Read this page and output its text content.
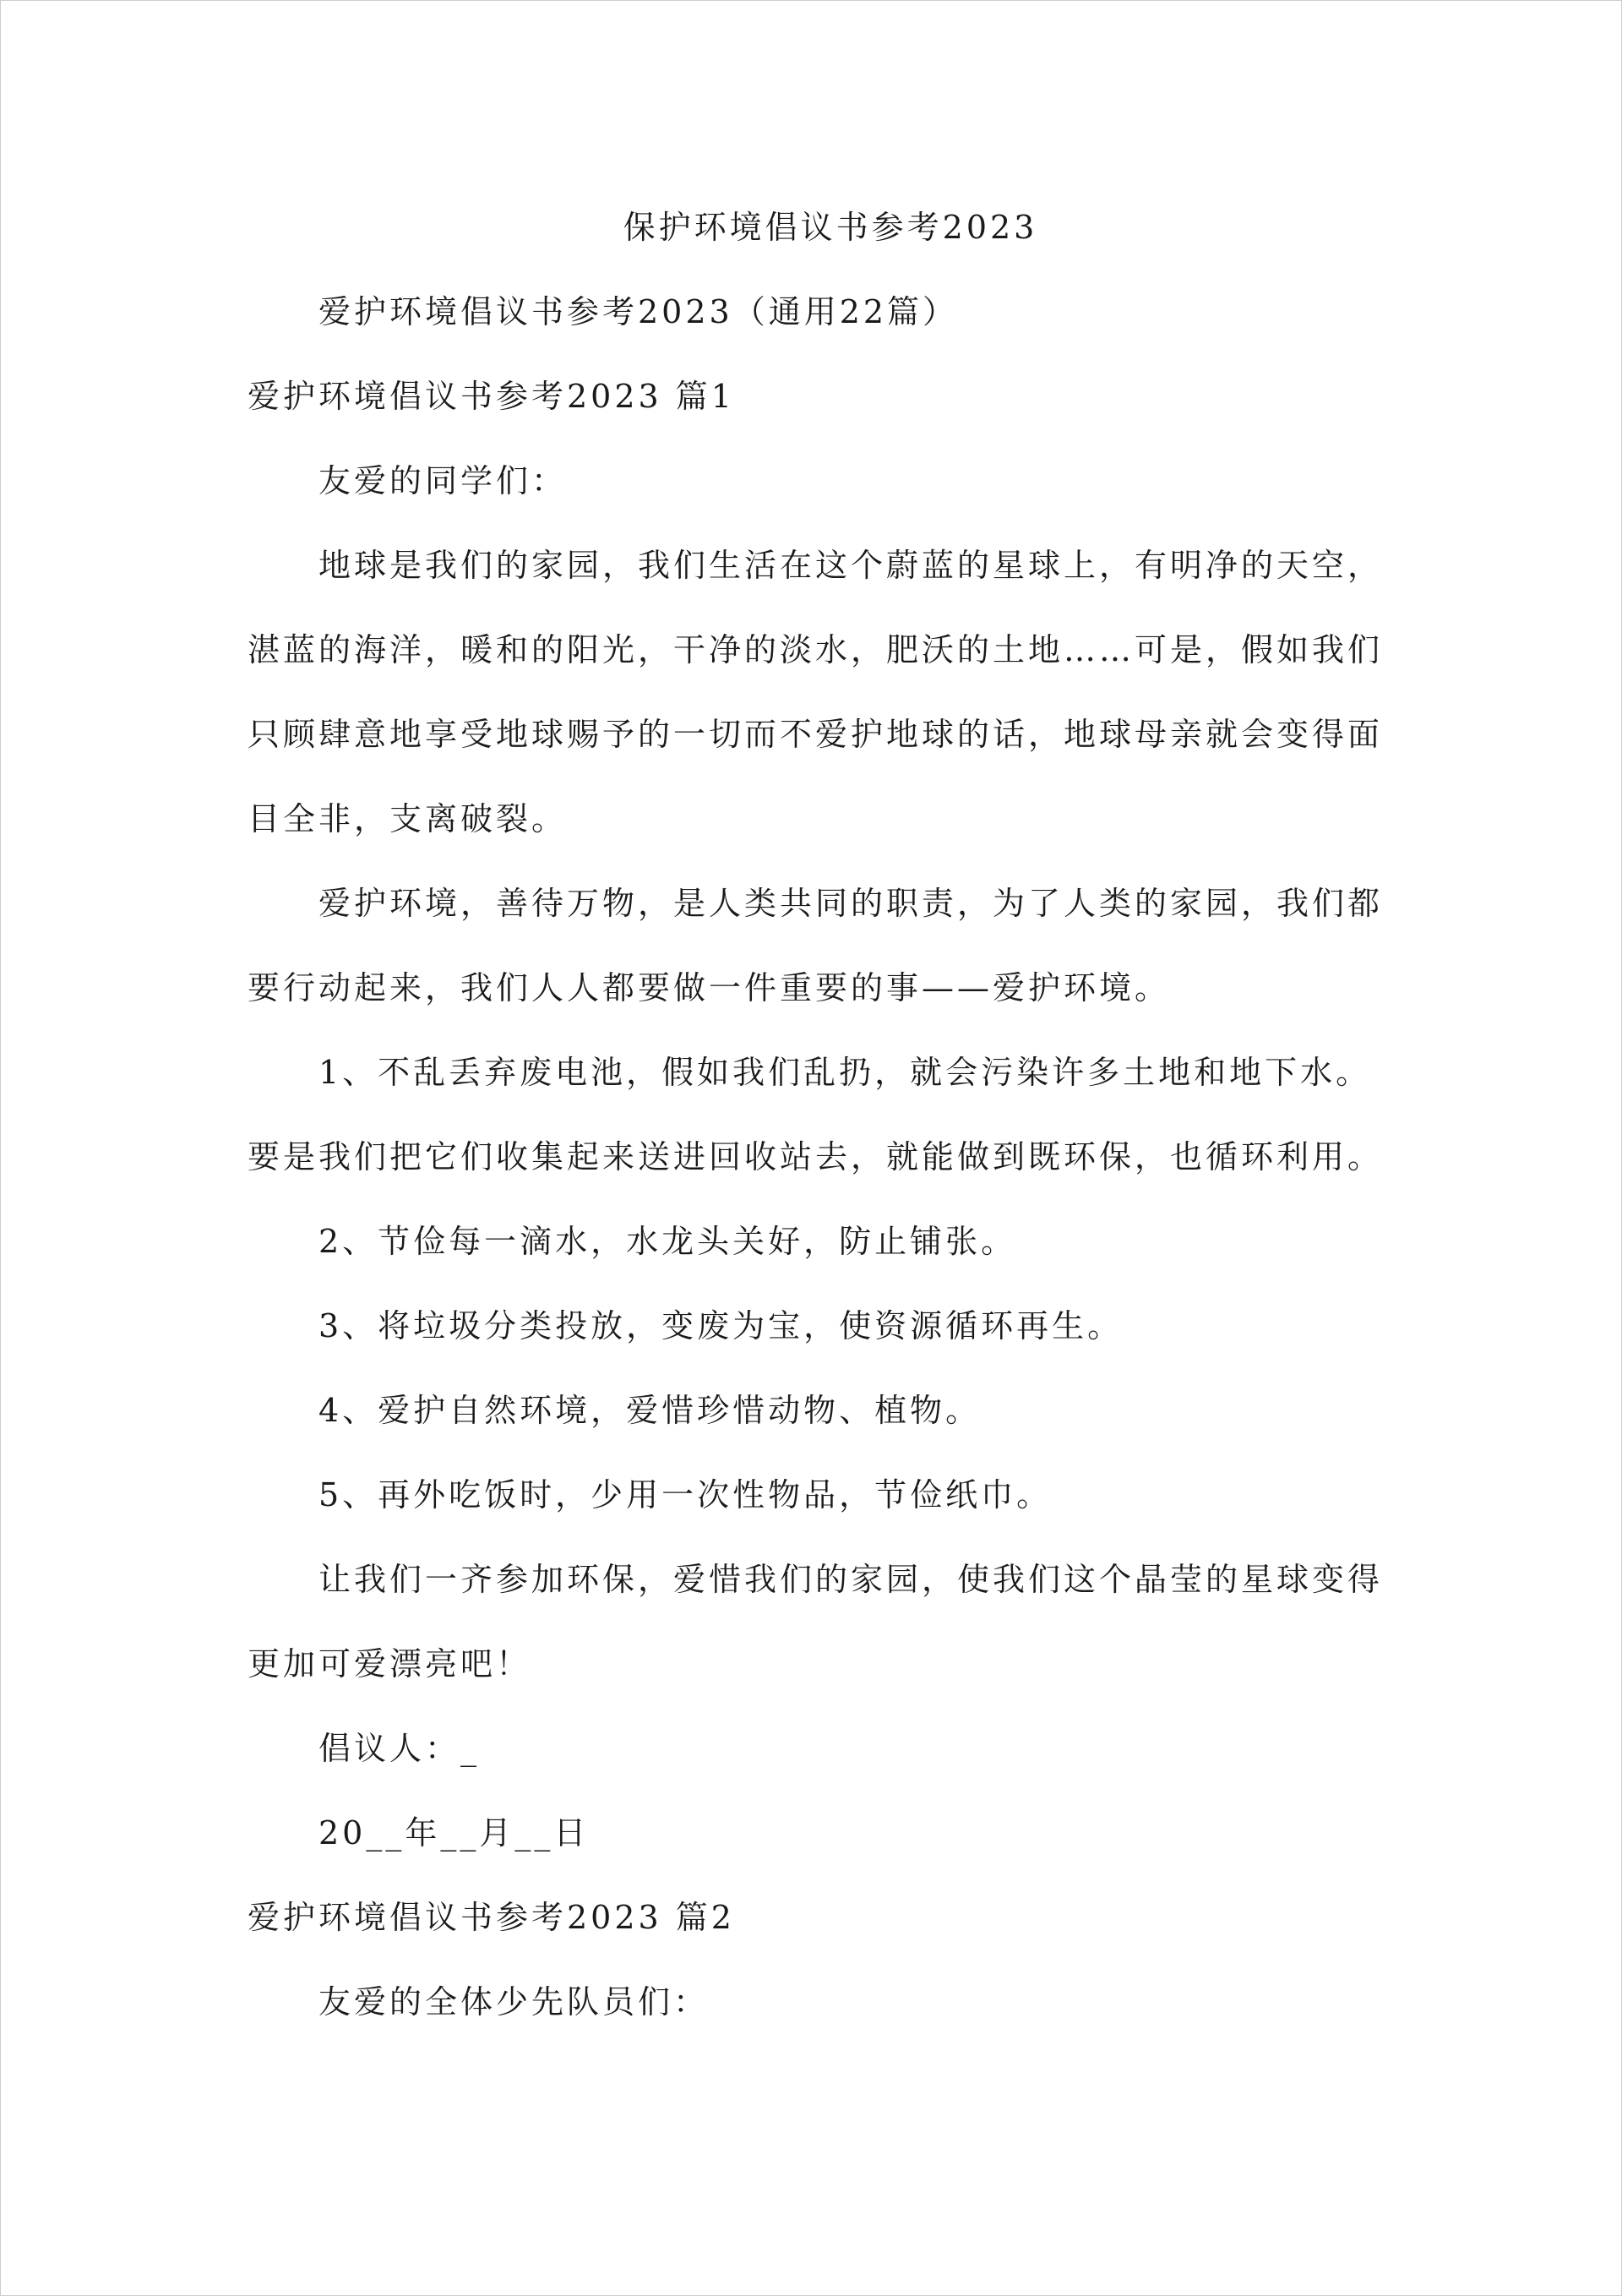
保护环境倡议书参考2023
爱护环境倡议书参考2023（通用22篇）
爱护环境倡议书参考2023 篇1
友爱的同学们：
地球是我们的家园，我们生活在这个蔚蓝的星球上，有明净的天空，
湛蓝的海洋，暖和的阳光，干净的淡水，肥沃的土地……可是，假如我们
只顾肆意地享受地球赐予的一切而不爱护地球的话，地球母亲就会变得面
目全非，支离破裂。
爱护环境，善待万物，是人类共同的职责，为了人类的家园，我们都
要行动起来，我们人人都要做一件重要的事——爱护环境。
1、不乱丢弃废电池，假如我们乱扔，就会污染许多土地和地下水。
要是我们把它们收集起来送进回收站去，就能做到既环保，也循环利用。
2、节俭每一滴水，水龙头关好，防止铺张。
3、将垃圾分类投放，变废为宝，使资源循环再生。
4、爱护自然环境，爱惜珍惜动物、植物。
5、再外吃饭时，少用一次性物品，节俭纸巾。
让我们一齐参加环保，爱惜我们的家园，使我们这个晶莹的星球变得
更加可爱漂亮吧！
倡议人：_
20__年__月__日
爱护环境倡议书参考2023 篇2
友爱的全体少先队员们：
